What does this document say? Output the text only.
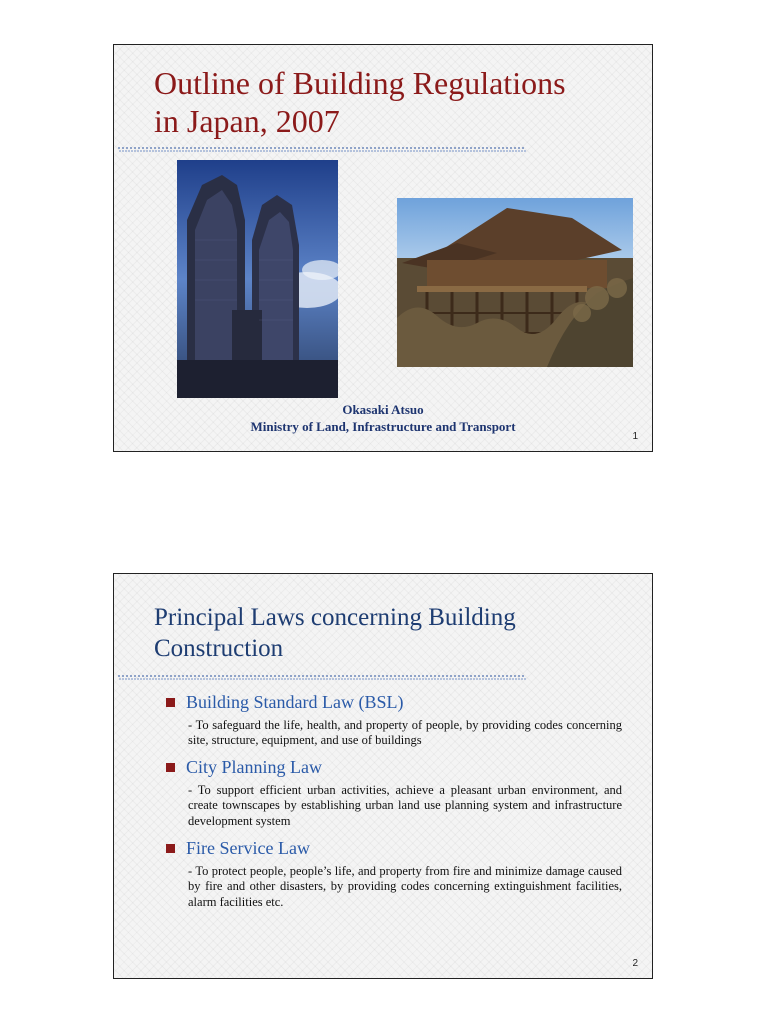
Outline of Building Regulations
in Japan, 2007
Okasaki Atsuo
Ministry of Land, Infrastructure and Transport
1
Principal Laws concerning Building
Construction
Building Standard Law (BSL)
- To safeguard the life, health, and property of people, by providing codes concerning site, structure, equipment, and use of buildings
City Planning Law
- To support efficient urban activities, achieve a pleasant urban environment, and create townscapes by establishing urban land use planning system and infrastructure development system
Fire Service Law
- To protect people, people’s life, and property from fire and minimize damage caused by fire and other disasters, by providing codes concerning extinguishment facilities, alarm facilities etc.
2
